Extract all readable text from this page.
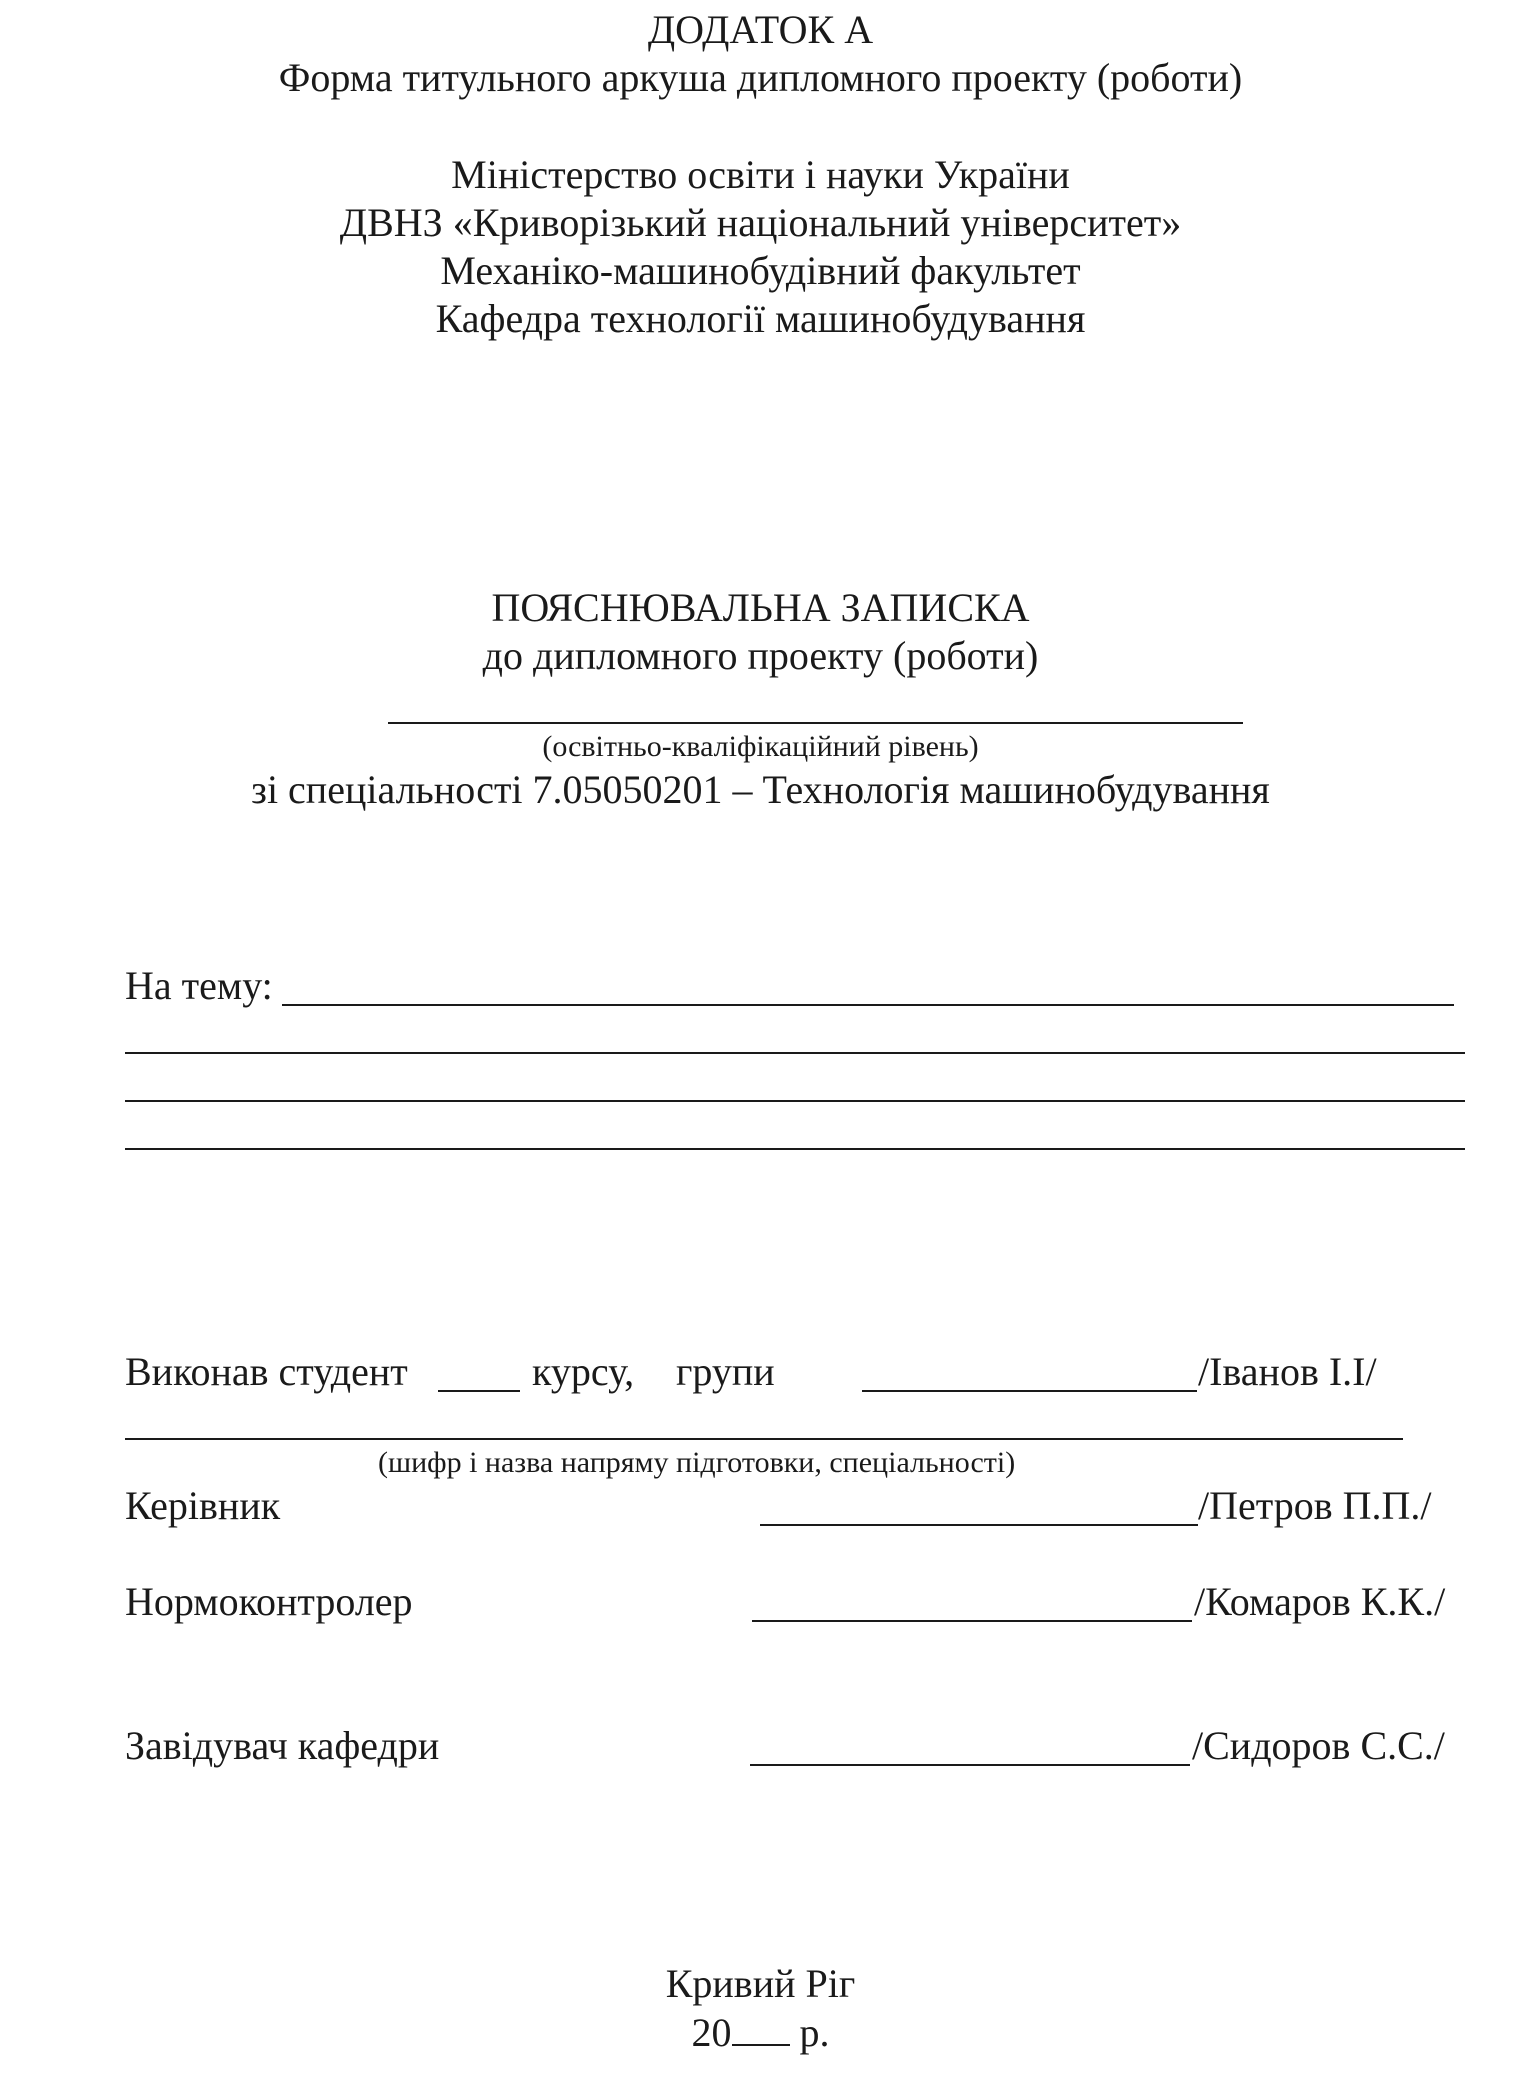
ДОДАТОК А
Форма титульного аркуша дипломного проекту (роботи)
Міністерство освіти і науки України
ДВНЗ «Криворізький національний університет»
Механіко-машинобудівний факультет
Кафедра технології машинобудування
ПОЯСНЮВАЛЬНА ЗАПИСКА
до дипломного проекту (роботи)
(освітньо-кваліфікаційний рівень)
зі спеціальності 7.05050201 – Технологія машинобудування
На тему:
Виконав студент	курсу, групи	/Іванов І.І/
(шифр і назва напряму підготовки, спеціальності)
Керівник	/Петров П.П./
Нормоконтролер	/Комаров К.К./
Завідувач кафедри	/Сидоров С.С./
Кривий Ріг
20 р.
